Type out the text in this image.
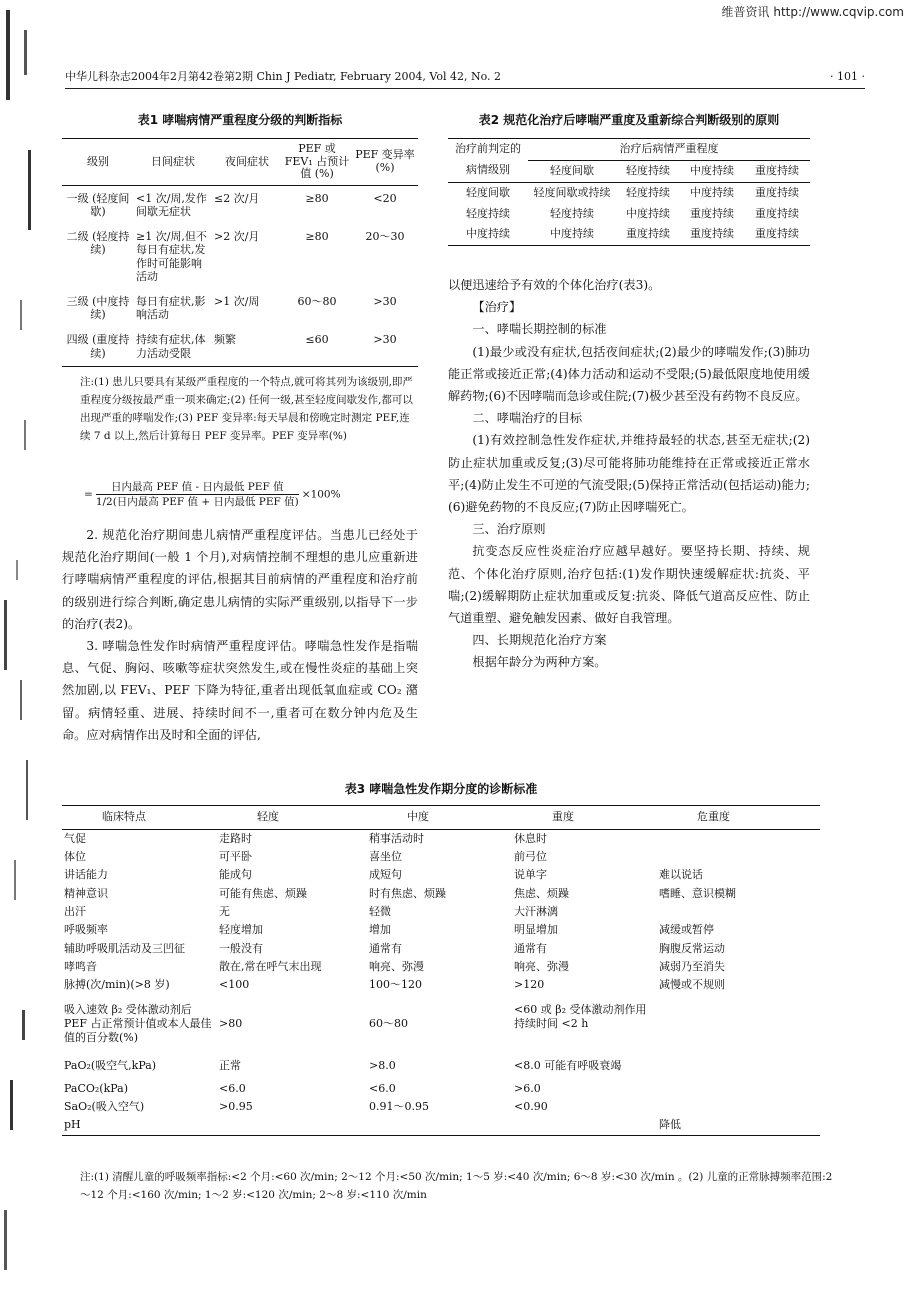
维普资讯 http://www.cqvip.com
中华儿科杂志2004年2月第42卷第2期 Chin J Pediatr, February 2004, Vol 42, No. 2	· 101 ·
表1 哮喘病情严重程度分级的判断指标
级别	日间症状	夜间症状	PEF 或 FEV₁ 占预计值 (%)	PEF 变异率 (%)
一级 (轻度间歇)	<1 次/周,发作间歇无症状	≤2 次/月	≥80	<20
二级 (轻度持续)	≥1 次/周,但不每日有症状,发作时可能影响活动	>2 次/月	≥80	20～30
三级 (中度持续)	每日有症状,影响活动	>1 次/周	60～80	>30
四级 (重度持续)	持续有症状,体力活动受限	频繁	≤60	>30
注:(1) 患儿只要具有某级严重程度的一个特点,就可将其列为该级别,即严重程度分级按最严重一项来确定;(2) 任何一级,甚至轻度间歇发作,都可以出现严重的哮喘发作;(3) PEF 变异率:每天早晨和傍晚定时测定 PEF,连续 7 d 以上,然后计算每日 PEF 变异率。PEF 变异率(%)
= $\frac{\text{日内最高 PEF 值 - 日内最低 PEF 值}}{\text{1/2(日内最高 PEF 值 + 日内最低 PEF 值)}} \times 100\%$

2. 规范化治疗期间患儿病情严重程度评估。当患儿已经处于规范化治疗期间(一般 1 个月),对病情控制不理想的患儿应重新进行哮喘病情严重程度的评估,根据其目前病情的严重程度和治疗前的级别进行综合判断,确定患儿病情的实际严重级别,以指导下一步的治疗(表2)。

3. 哮喘急性发作时病情严重程度评估。哮喘急性发作是指喘息、气促、胸闷、咳嗽等症状突然发生,或在慢性炎症的基础上突然加剧,以 FEV₁、PEF 下降为特征,重者出现低氧血症或 CO₂ 潴留。病情轻重、进展、持续时间不一,重者可在数分钟内危及生命。应对病情作出及时和全面的评估,

表2 规范化治疗后哮喘严重度及重新综合判断级别的原则
治疗前判定的	治疗后病情严重程度			
病情级别	轻度间歇	轻度持续	中度持续	重度持续
轻度间歇	轻度间歇或持续	轻度持续	中度持续	重度持续
轻度持续	轻度持续	中度持续	重度持续	重度持续
中度持续	中度持续	重度持续	重度持续	重度持续

以便迅速给予有效的个体化治疗(表3)。

【治疗】

一、哮喘长期控制的标准

(1)最少或没有症状,包括夜间症状;(2)最少的哮喘发作;(3)肺功能正常或接近正常;(4)体力活动和运动不受限;(5)最低限度地使用缓解药物;(6)不因哮喘而急诊或住院;(7)极少甚至没有药物不良反应。

二、哮喘治疗的目标

(1)有效控制急性发作症状,并维持最轻的状态,甚至无症状;(2)防止症状加重或反复;(3)尽可能将肺功能维持在正常或接近正常水平;(4)防止发生不可逆的气流受限;(5)保持正常活动(包括运动)能力;(6)避免药物的不良反应;(7)防止因哮喘死亡。

三、治疗原则

抗变态反应性炎症治疗应越早越好。要坚持长期、持续、规范、个体化治疗原则,治疗包括:(1)发作期快速缓解症状:抗炎、平喘;(2)缓解期防止症状加重或反复:抗炎、降低气道高反应性、防止气道重塑、避免触发因素、做好自我管理。

四、长期规范化治疗方案

根据年龄分为两种方案。

表3 哮喘急性发作期分度的诊断标准
临床特点	轻度	中度	重度	危重度
气促	走路时	稍事活动时	休息时	
体位	可平卧	喜坐位	前弓位	
讲话能力	能成句	成短句	说单字	难以说话
精神意识	可能有焦虑、烦躁	时有焦虑、烦躁	焦虑、烦躁	嗜睡、意识模糊
出汗	无	轻微	大汗淋漓	
呼吸频率	轻度增加	增加	明显增加	减缓或暂停
辅助呼吸肌活动及三凹征	一般没有	通常有	通常有	胸腹反常运动
哮鸣音	散在,常在呼气末出现	响亮、弥漫	响亮、弥漫	减弱乃至消失
脉搏(次/min)(>8 岁)	<100	100～120	>120	减慢或不规则
吸入速效 β₂ 受体激动剂后 PEF 占正常预计值或本人最佳值的百分数(%)	>80	60～80	<60 或 β₂ 受体激动剂作用持续时间 <2 h	
PaO₂(吸空气,kPa)	正常	>8.0	<8.0 可能有呼吸衰竭	
PaCO₂(kPa)	<6.0	<6.0	>6.0	
SaO₂(吸入空气)	>0.95	0.91～0.95	<0.90	
pH				降低
注:(1) 清醒儿童的呼吸频率指标:<2 个月:<60 次/min; 2～12 个月:<50 次/min; 1～5 岁:<40 次/min; 6～8 岁:<30 次/min 。(2) 儿童的正常脉搏频率范围:2～12 个月:<160 次/min; 1～2 岁:<120 次/min; 2～8 岁:<110 次/min
